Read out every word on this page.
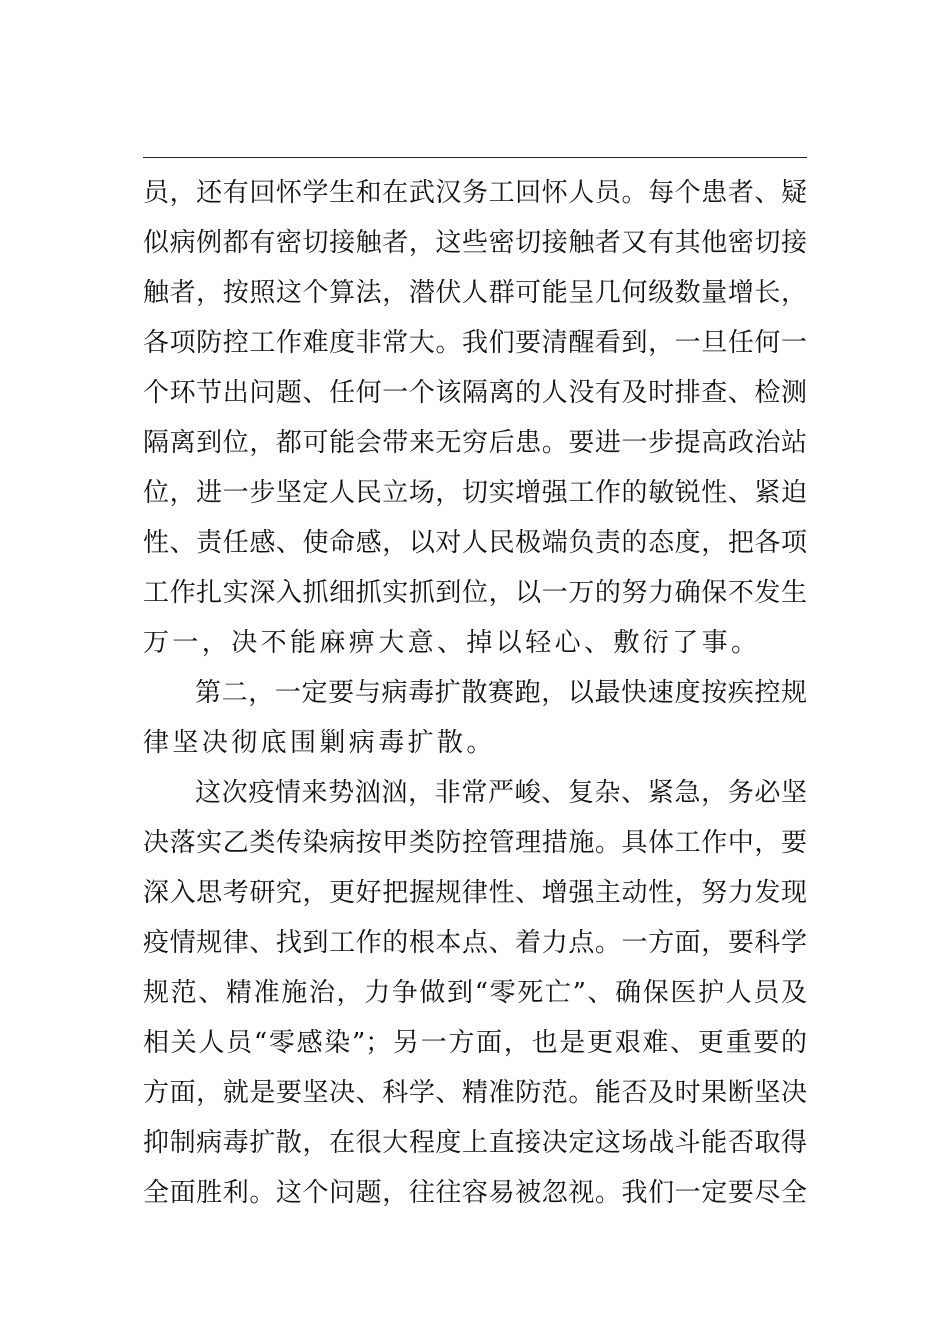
员，还有回怀学生和在武汉务工回怀人员。每个患者、疑
似病例都有密切接触者，这些密切接触者又有其他密切接
触者，按照这个算法，潜伏人群可能呈几何级数量增长，
各项防控工作难度非常大。我们要清醒看到，一旦任何一
个环节出问题、任何一个该隔离的人没有及时排查、检测
隔离到位，都可能会带来无穷后患。要进一步提高政治站
位，进一步坚定人民立场，切实增强工作的敏锐性、紧迫
性、责任感、使命感，以对人民极端负责的态度，把各项
工作扎实深入抓细抓实抓到位，以一万的努力确保不发生
万一，决不能麻痹大意、掉以轻心、敷衍了事。
第二，一定要与病毒扩散赛跑，以最快速度按疾控规
律坚决彻底围剿病毒扩散。
这次疫情来势汹汹，非常严峻、复杂、紧急，务必坚
决落实乙类传染病按甲类防控管理措施。具体工作中，要
深入思考研究，更好把握规律性、增强主动性，努力发现
疫情规律、找到工作的根本点、着力点。一方面，要科学
规范、精准施治，力争做到“零死亡”、确保医护人员及
相关人员“零感染”；另一方面，也是更艰难、更重要的
方面，就是要坚决、科学、精准防范。能否及时果断坚决
抑制病毒扩散，在很大程度上直接决定这场战斗能否取得
全面胜利。这个问题，往往容易被忽视。我们一定要尽全
